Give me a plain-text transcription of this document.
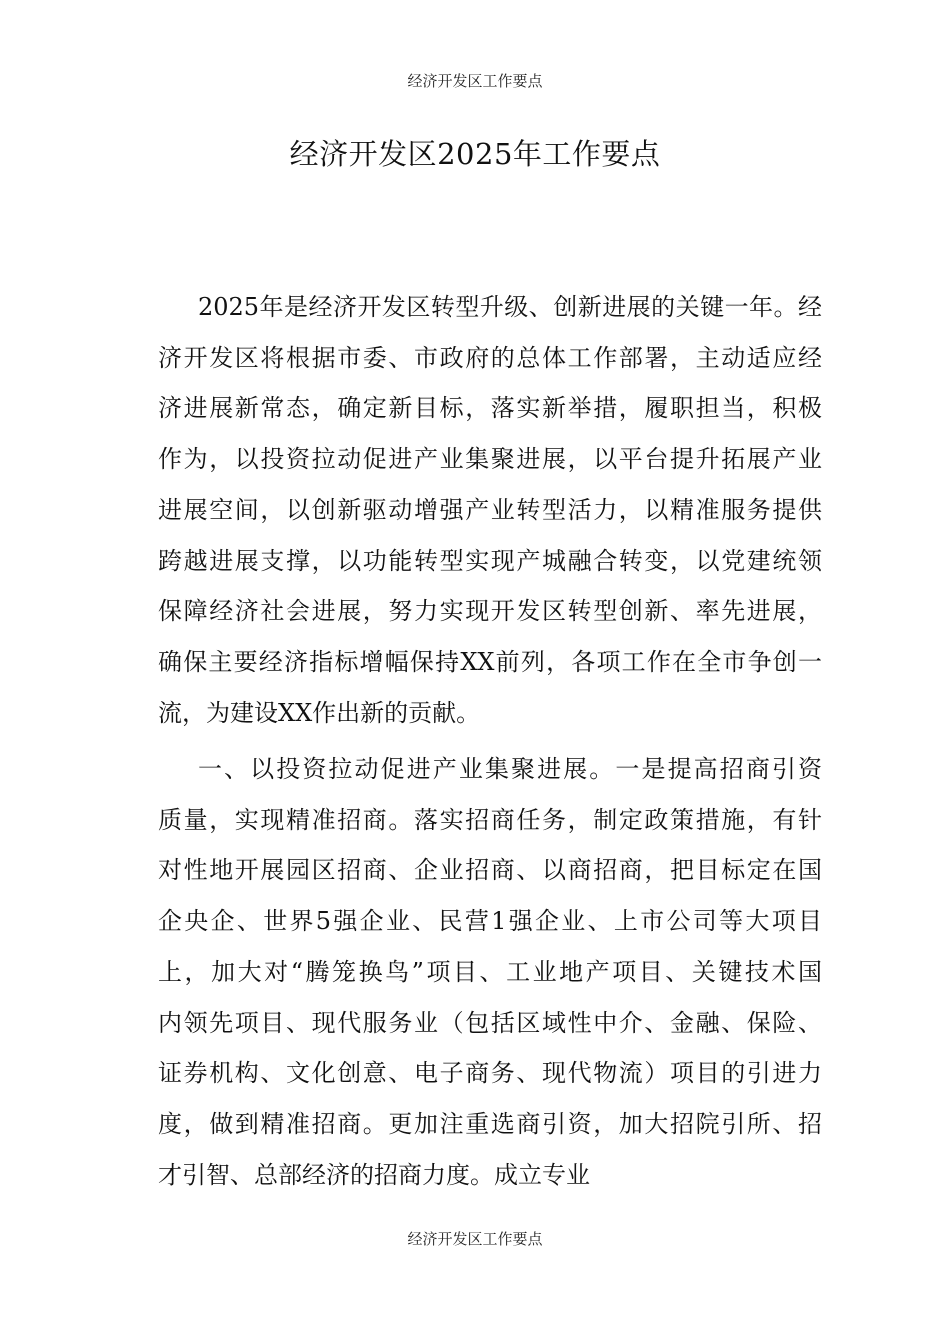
经济开发区工作要点
经济开发区2025年工作要点
2025年是经济开发区转型升级、创新进展的关键一年。经
济开发区将根据市委、市政府的总体工作部署，主动适应经
济进展新常态，确定新目标，落实新举措，履职担当，积极
作为，以投资拉动促进产业集聚进展，以平台提升拓展产业
进展空间，以创新驱动增强产业转型活力，以精准服务提供
跨越进展支撑，以功能转型实现产城融合转变，以党建统领
保障经济社会进展，努力实现开发区转型创新、率先进展，
确保主要经济指标增幅保持XX前列，各项工作在全市争创一
流，为建设XX作出新的贡献。
一、以投资拉动促进产业集聚进展。一是提高招商引资
质量，实现精准招商。落实招商任务，制定政策措施，有针
对性地开展园区招商、企业招商、以商招商，把目标定在国
企央企、世界5强企业、民营1强企业、上市公司等大项目
上，加大对“腾笼换鸟”项目、工业地产项目、关键技术国
内领先项目、现代服务业（包括区域性中介、金融、保险、
证券机构、文化创意、电子商务、现代物流）项目的引进力
度，做到精准招商。更加注重选商引资，加大招院引所、招
才引智、总部经济的招商力度。成立专业
经济开发区工作要点
